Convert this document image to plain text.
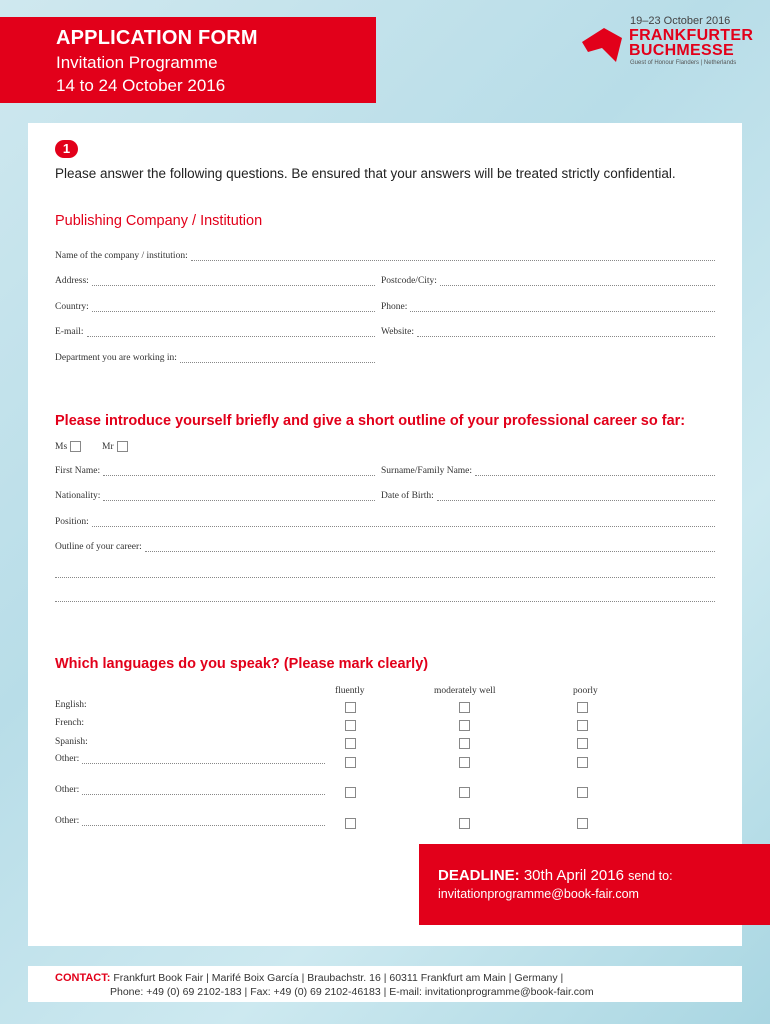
APPLICATION FORM
Invitation Programme
14 to 24 October 2016
19–23 October 2016
FRANKFURTER
BUCHMESSE
Guest of Honour Flanders | Netherlands
1
Please answer the following questions. Be ensured that your answers will be treated strictly confidential.
Publishing Company / Institution
Name of the company / institution:
Address:	Postcode/City:
Country:	Phone:
E-mail:	Website:
Department you are working in:
Please introduce yourself briefly and give a short outline of your professional career so far:
Ms	Mr
First Name:	Surname/Family Name:
Nationality:	Date of Birth:
Position:
Outline of your career:
Which languages do you speak? (Please mark clearly)
fluently	moderately well	poorly
English:
French:
Spanish:
Other:
Other:
Other:
DEADLINE: 30th April 2016 send to:
invitationprogramme@book-fair.com
CONTACT: Frankfurt Book Fair | Marifé Boix García | Braubachstr. 16 | 60311 Frankfurt am Main | Germany |
Phone: +49 (0) 69 2102-183 | Fax: +49 (0) 69 2102-46183 | E-mail: invitationprogramme@book-fair.com
